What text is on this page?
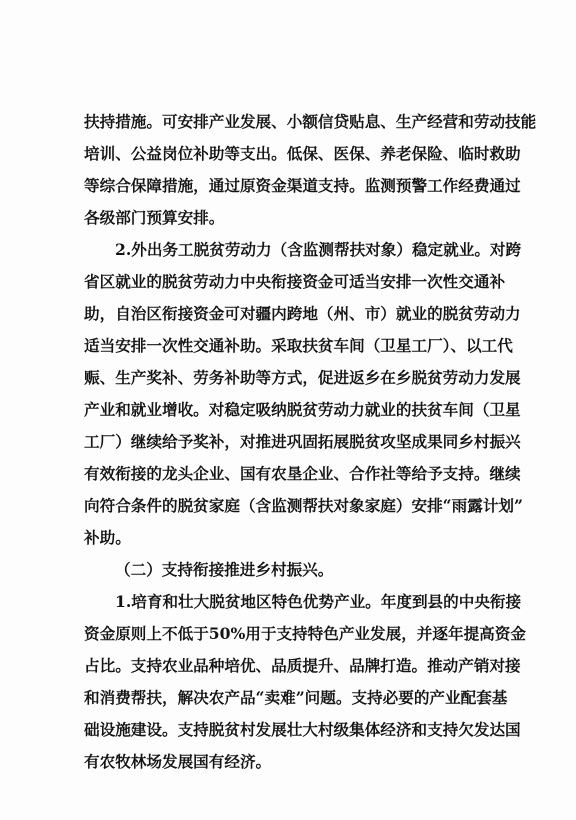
扶持措施。可安排产业发展、小额信贷贴息、生产经营和劳动技能
培训、公益岗位补助等支出。低保、医保、养老保险、临时救助
等综合保障措施，通过原资金渠道支持。监测预警工作经费通过
各级部门预算安排。
2.外出务工脱贫劳动力（含监测帮扶对象）稳定就业。对跨
省区就业的脱贫劳动力中央衔接资金可适当安排一次性交通补
助，自治区衔接资金可对疆内跨地（州、市）就业的脱贫劳动力
适当安排一次性交通补助。采取扶贫车间（卫星工厂）、以工代
赈、生产奖补、劳务补助等方式，促进返乡在乡脱贫劳动力发展
产业和就业增收。对稳定吸纳脱贫劳动力就业的扶贫车间（卫星
工厂）继续给予奖补，对推进巩固拓展脱贫攻坚成果同乡村振兴
有效衔接的龙头企业、国有农垦企业、合作社等给予支持。继续
向符合条件的脱贫家庭（含监测帮扶对象家庭）安排“雨露计划”
补助。
（二）支持衔接推进乡村振兴。
1.培育和壮大脱贫地区特色优势产业。年度到县的中央衔接
资金原则上不低于50%用于支持特色产业发展，并逐年提高资金
占比。支持农业品种培优、品质提升、品牌打造。推动产销对接
和消费帮扶，解决农产品“卖难”问题。支持必要的产业配套基
础设施建设。支持脱贫村发展壮大村级集体经济和支持欠发达国
有农牧林场发展国有经济。
